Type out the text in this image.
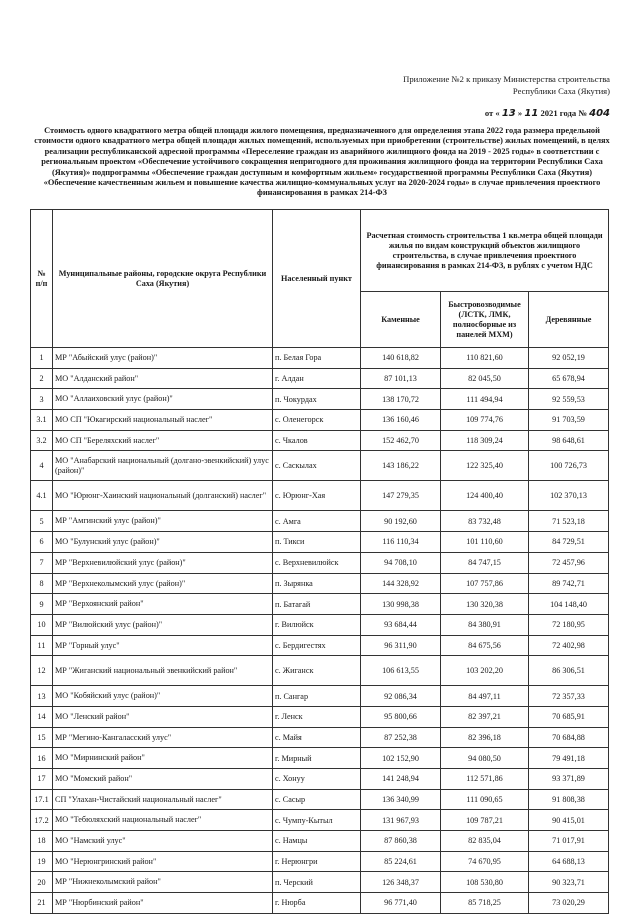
Приложение №2 к приказу Министерства строительства
Республики Саха (Якутия)
от « 13 » 11 2021 года № 404
Стоимость одного квадратного метра общей площади жилого помещения, предназначенного для определения этапа 2022 года размера предельной стоимости одного квадратного метра общей площади жилых помещений, используемых при приобретении (строительстве) жилых помещений, в целях реализации республиканской адресной программы «Переселение граждан из аварийного жилищного фонда на 2019 - 2025 годы» в соответствии с региональным проектом «Обеспечение устойчивого сокращения непригодного для проживания жилищного фонда на территории Республики Саха (Якутия)» подпрограммы «Обеспечение граждан доступным и комфортным жильем» государственной программы Республики Саха (Якутия) «Обеспечение качественным жильем и повышение качества жилищно-коммунальных услуг на 2020-2024 годы» в случае привлечения проектного финансирования в рамках 214-ФЗ
№ п/п	Муниципальные районы, городские округа Республики Саха (Якутия)	Населенный пункт	Расчетная стоимость строительства 1 кв.метра общей площади жилья по видам конструкций объектов жилищного строительства, в случае привлечения проектного финансирования в рамках 214-ФЗ, в рублях с учетом НДС		
			Каменные	Быстровозводимые (ЛСТК, ЛМК, полносборные из панелей МХМ)	Деревянные
1	МР "Абыйский улус (район)"	п. Белая Гора	140 618,82	110 821,60	92 052,19
2	МО "Алданский район"	г. Алдан	87 101,13	82 045,50	65 678,94
3	МО "Аллаиховский улус (район)"	п. Чокурдах	138 170,72	111 494,94	92 559,53
3.1	МО СП "Юкагирский национальный наслег"	с. Оленегорск	136 160,46	109 774,76	91 703,59
3.2	МО СП "Береляхский наслег"	с. Чкалов	152 462,70	118 309,24	98 648,61
4	МО "Анабарский национальный (долгано-эвенкийский) улус (район)"	с. Саскылах	143 186,22	122 325,40	100 726,73
4.1	МО "Юрюнг-Хаинский национальный (долганский) наслег"	с. Юрюнг-Хая	147 279,35	124 400,40	102 370,13
5	МР "Амгинский улус (район)"	с. Амга	90 192,60	83 732,48	71 523,18
6	МО "Булунский улус (район)"	п. Тикси	116 110,34	101 110,60	84 729,51
7	МР "Верхневилюйский улус (район)"	с. Верхневилюйск	94 708,10	84 747,15	72 457,96
8	МР "Верхнеколымский улус (район)"	п. Зырянка	144 328,92	107 757,86	89 742,71
9	МР "Верхоянский район"	п. Батагай	130 998,38	130 320,38	104 148,40
10	МР "Вилюйский улус (район)"	г. Вилюйск	93 684,44	84 380,91	72 180,95
11	МР "Горный улус"	с. Бердигестях	96 311,90	84 675,56	72 402,98
12	МР "Жиганский национальный эвенкийский район"	с. Жиганск	106 613,55	103 202,20	86 306,51
13	МО "Кобяйский улус (район)"	п. Сангар	92 086,34	84 497,11	72 357,33
14	МО "Ленский район"	г. Ленск	95 800,66	82 397,21	70 685,91
15	МР "Мегино-Кангаласский улус"	с. Майя	87 252,38	82 396,18	70 684,88
16	МО "Мирнинский район"	г. Мирный	102 152,90	94 080,50	79 491,18
17	МО "Момский район"	с. Хонуу	141 248,94	112 571,86	93 371,89
17.1	СП "Улахан-Чистайский национальный наслег"	с. Сасыр	136 340,99	111 090,65	91 808,38
17.2	МО "Тебюляхский национальный наслег"	с. Чумпу-Кытыл	131 967,93	109 787,21	90 415,01
18	МО "Намский улус"	с. Намцы	87 860,38	82 835,04	71 017,91
19	МО "Нерюнгринский район"	г. Нерюнгри	85 224,61	74 670,95	64 688,13
20	МР "Нижнеколымский район"	п. Черский	126 348,37	108 530,80	90 323,71
21	МР "Нюрбинский район"	г. Нюрба	96 771,40	85 718,25	73 020,29
